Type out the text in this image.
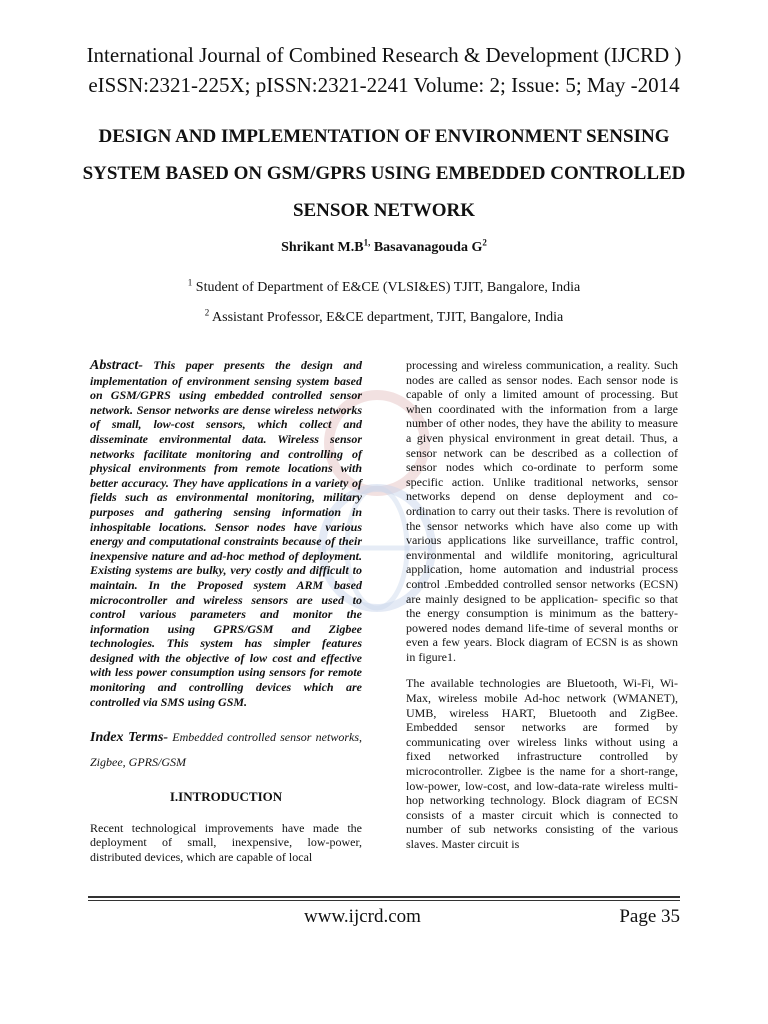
International Journal of Combined Research & Development (IJCRD )
eISSN:2321-225X; pISSN:2321-2241 Volume: 2; Issue: 5; May -2014
DESIGN AND IMPLEMENTATION OF ENVIRONMENT SENSING SYSTEM BASED ON GSM/GPRS USING EMBEDDED CONTROLLED SENSOR NETWORK
Shrikant $M.B^{1,}$ Basavanagouda $G^2$
$^1$ Student of Department of E&CE (VLSI&ES) TJIT, Bangalore, India
$^2$ Assistant Professor, E&CE department, TJIT, Bangalore, India

Abstract- This paper presents the design and implementation of environment sensing system based on GSM/GPRS using embedded controlled sensor network. Sensor networks are dense wireless networks of small, low-cost sensors, which collect and disseminate environmental data. Wireless sensor networks facilitate monitoring and controlling of physical environments from remote locations with better accuracy. They have applications in a variety of fields such as environmental monitoring, military purposes and gathering sensing information in inhospitable locations. Sensor nodes have various energy and computational constraints because of their inexpensive nature and ad-hoc method of deployment. Existing systems are bulky, very costly and difficult to maintain. In the Proposed system ARM based microcontroller and wireless sensors are used to control various parameters and monitor the information using GPRS/GSM and Zigbee technologies. This system has simpler features designed with the objective of low cost and effective with less power consumption using sensors for remote monitoring and controlling devices which are controlled via SMS using GSM.

Index Terms- Embedded controlled sensor networks, Zigbee, GPRS/GSM

I.INTRODUCTION

Recent technological improvements have made the deployment of small, inexpensive, low-power, distributed devices, which are capable of local

processing and wireless communication, a reality. Such nodes are called as sensor nodes. Each sensor node is capable of only a limited amount of processing. But when coordinated with the information from a large number of other nodes, they have the ability to measure a given physical environment in great detail. Thus, a sensor network can be described as a collection of sensor nodes which co-ordinate to perform some specific action. Unlike traditional networks, sensor networks depend on dense deployment and co-ordination to carry out their tasks. There is revolution of the sensor networks which have also come up with various applications like surveillance, traffic control, environmental and wildlife monitoring, agricultural application, home automation and industrial process control .Embedded controlled sensor networks (ECSN) are mainly designed to be application- specific so that the energy consumption is minimum as the battery-powered nodes demand life-time of several months or even a few years. Block diagram of ECSN is as shown in figure1.

The available technologies are Bluetooth, Wi-Fi, Wi-Max, wireless mobile Ad-hoc network (WMANET), UMB, wireless HART, Bluetooth and ZigBee. Embedded sensor networks are formed by communicating over wireless links without using a fixed networked infrastructure controlled by microcontroller. Zigbee is the name for a short-range, low-power, low-cost, and low-data-rate wireless multi-hop networking technology. Block diagram of ECSN consists of a master circuit which is connected to number of sub networks consisting of the various slaves. Master circuit is

www.ijcrd.com	Page 35
